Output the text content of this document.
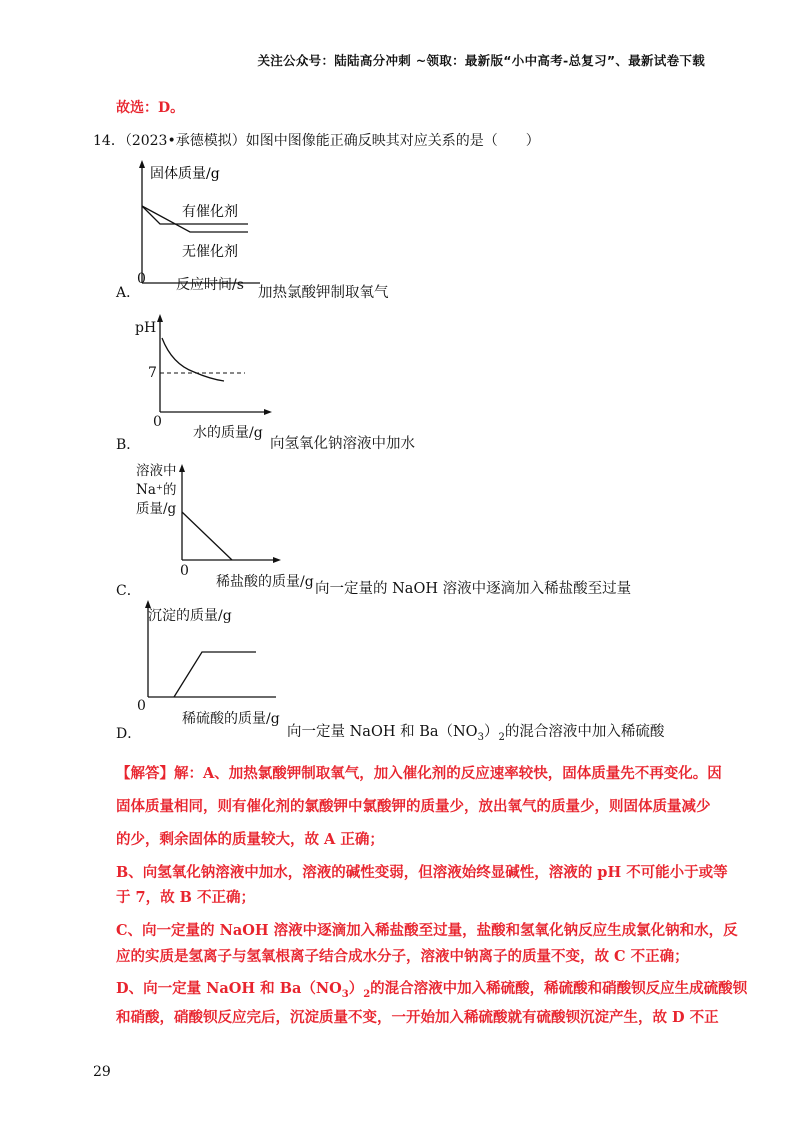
关注公众号：陆陆高分冲刺 ~领取：最新版“小中高考-总复习”、最新试卷下载
故选：D。
14．（2023•承德模拟）如图中图像能正确反映其对应关系的是（　　）
固体质量/g
有催化剂
无催化剂
A．
0 反应时间/s 加热氯酸钾制取氧气
pH
7
0
水的质量/g
B．	向氢氧化钠溶液中加水
溶液中
Na⁺的
质量/g
0
稀盐酸的质量/g
C．	向一定量的 NaOH 溶液中逐滴加入稀盐酸至过量
沉淀的质量/g
0
稀硫酸的质量/g
D．	向一定量 NaOH 和 $Ba(NO_3)_2$的混合溶液中加入稀硫酸
【解答】解：A、加热氯酸钾制取氧气，加入催化剂的反应速率较快，固体质量先不再变化。因
固体质量相同，则有催化剂的氯酸钾中氯酸钾的质量少，放出氧气的质量少，则固体质量减少
的少，剩余固体的质量较大，故 A 正确；
B、向氢氧化钠溶液中加水，溶液的碱性变弱，但溶液始终显碱性，溶液的 pH 不可能小于或等
于 7，故 B 不正确；
C、向一定量的 NaOH 溶液中逐滴加入稀盐酸至过量，盐酸和氢氧化钠反应生成氯化钠和水，反
应的实质是氢离子与氢氧根离子结合成水分子，溶液中钠离子的质量不变，故 C 不正确；
D、向一定量 NaOH 和 $Ba(NO_3)_2$的混合溶液中加入稀硫酸，稀硫酸和硝酸钡反应生成硫酸钡
和硝酸，硝酸钡反应完后，沉淀质量不变，一开始加入稀硫酸就有硫酸钡沉淀产生，故 D 不正
29
